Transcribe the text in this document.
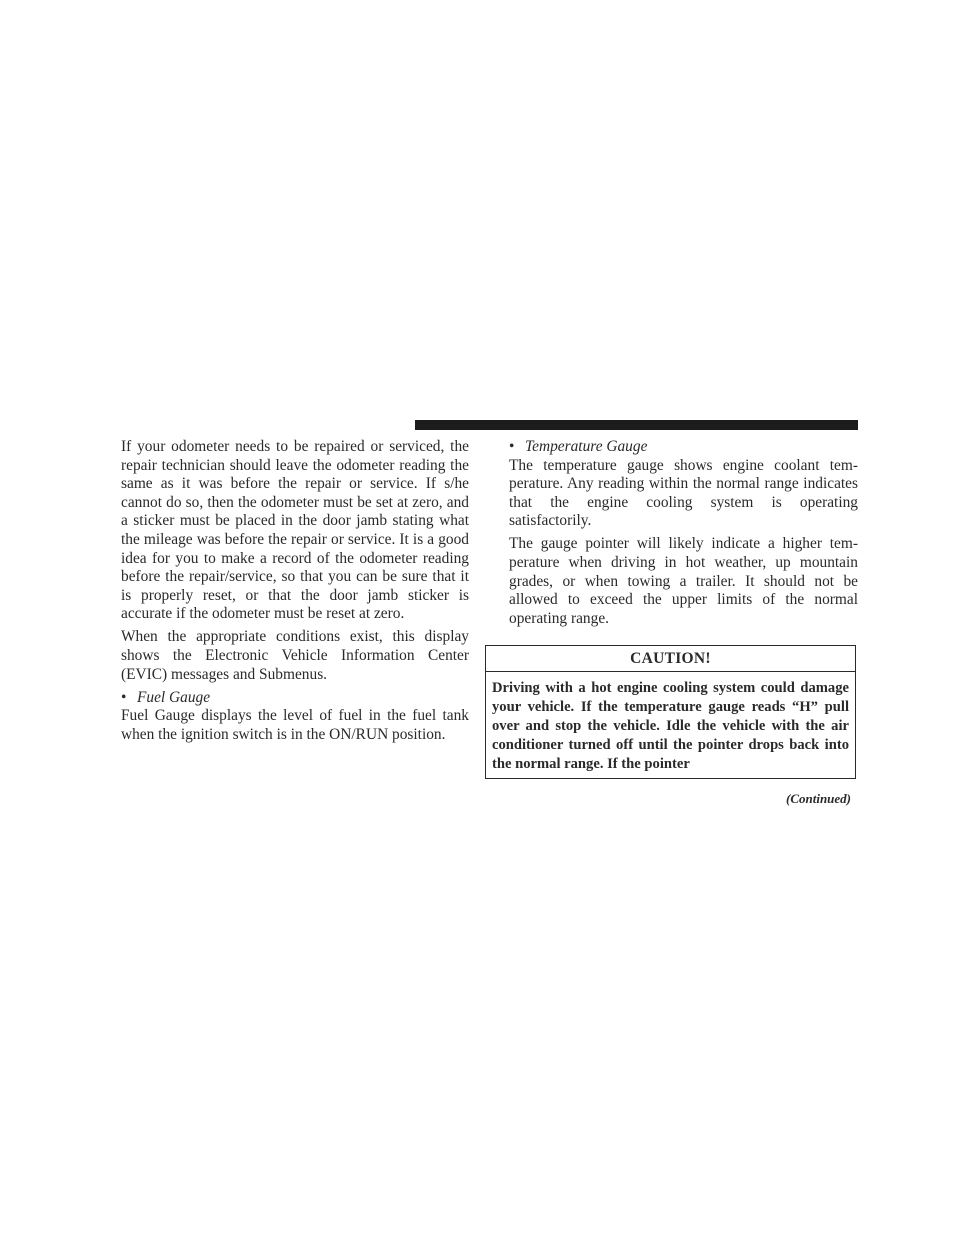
If your odometer needs to be repaired or serviced, the repair technician should leave the odometer reading the same as it was before the repair or service. If s/he cannot do so, then the odometer must be set at zero, and a sticker must be placed in the door jamb stating what the mileage was before the repair or service. It is a good idea for you to make a record of the odometer reading before the repair/service, so that you can be sure that it is properly reset, or that the door jamb sticker is accurate if the odometer must be reset at zero.

When the appropriate conditions exist, this display shows the Electronic Vehicle Information Center (EVIC) messages and Submenus.

• Fuel Gauge

Fuel Gauge displays the level of fuel in the fuel tank when the ignition switch is in the ON/RUN position.

• Temperature Gauge

The temperature gauge shows engine coolant temperature. Any reading within the normal range indicates that the engine cooling system is operating satisfactorily.

The gauge pointer will likely indicate a higher temperature when driving in hot weather, up mountain grades, or when towing a trailer. It should not be allowed to exceed the upper limits of the normal operating range.

CAUTION!
Driving with a hot engine cooling system could damage your vehicle. If the temperature gauge reads “H” pull over and stop the vehicle. Idle the vehicle with the air conditioner turned off until the pointer drops back into the normal range. If the pointer
(Continued)
